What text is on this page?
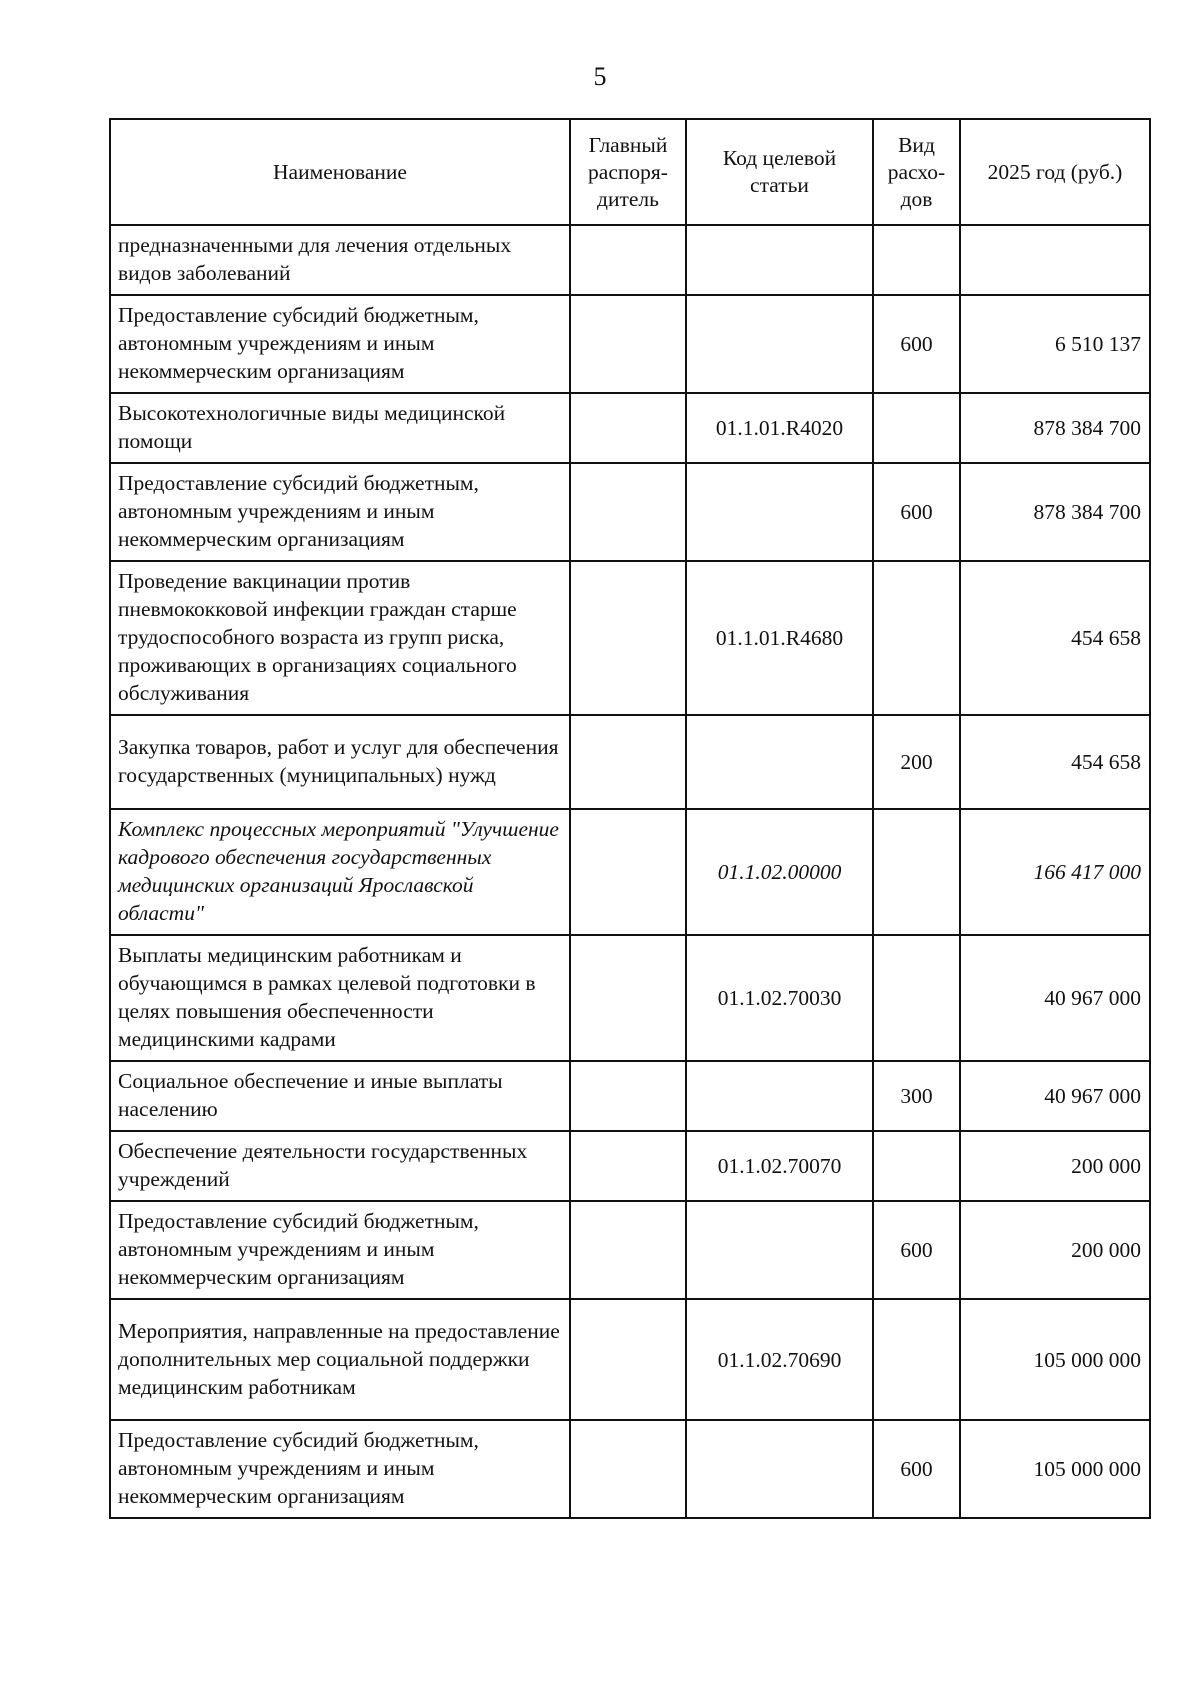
5
Наименование	Главный распоря-дитель	Код целевой статьи	Вид расхо-дов	2025 год (руб.)
предназначенными для лечения отдельных видов заболеваний				
Предоставление субсидий бюджетным, автономным учреждениям и иным некоммерческим организациям			600	6 510 137
Высокотехнологичные виды медицинской помощи		01.1.01.R4020		878 384 700
Предоставление субсидий бюджетным, автономным учреждениям и иным некоммерческим организациям			600	878 384 700
Проведение вакцинации против пневмококковой инфекции граждан старше трудоспособного возраста из групп риска, проживающих в организациях социального обслуживания		01.1.01.R4680		454 658
Закупка товаров, работ и услуг для обеспечения государственных (муниципальных) нужд			200	454 658
Комплекс процессных мероприятий "Улучшение кадрового обеспечения государственных медицинских организаций Ярославской области"		01.1.02.00000		166 417 000
Выплаты медицинским работникам и обучающимся в рамках целевой подготовки в целях повышения обеспеченности медицинскими кадрами		01.1.02.70030		40 967 000
Социальное обеспечение и иные выплаты населению			300	40 967 000
Обеспечение деятельности государственных учреждений		01.1.02.70070		200 000
Предоставление субсидий бюджетным, автономным учреждениям и иным некоммерческим организациям			600	200 000
Мероприятия, направленные на предоставление дополнительных мер социальной поддержки медицинским работникам		01.1.02.70690		105 000 000
Предоставление субсидий бюджетным, автономным учреждениям и иным некоммерческим организациям			600	105 000 000
